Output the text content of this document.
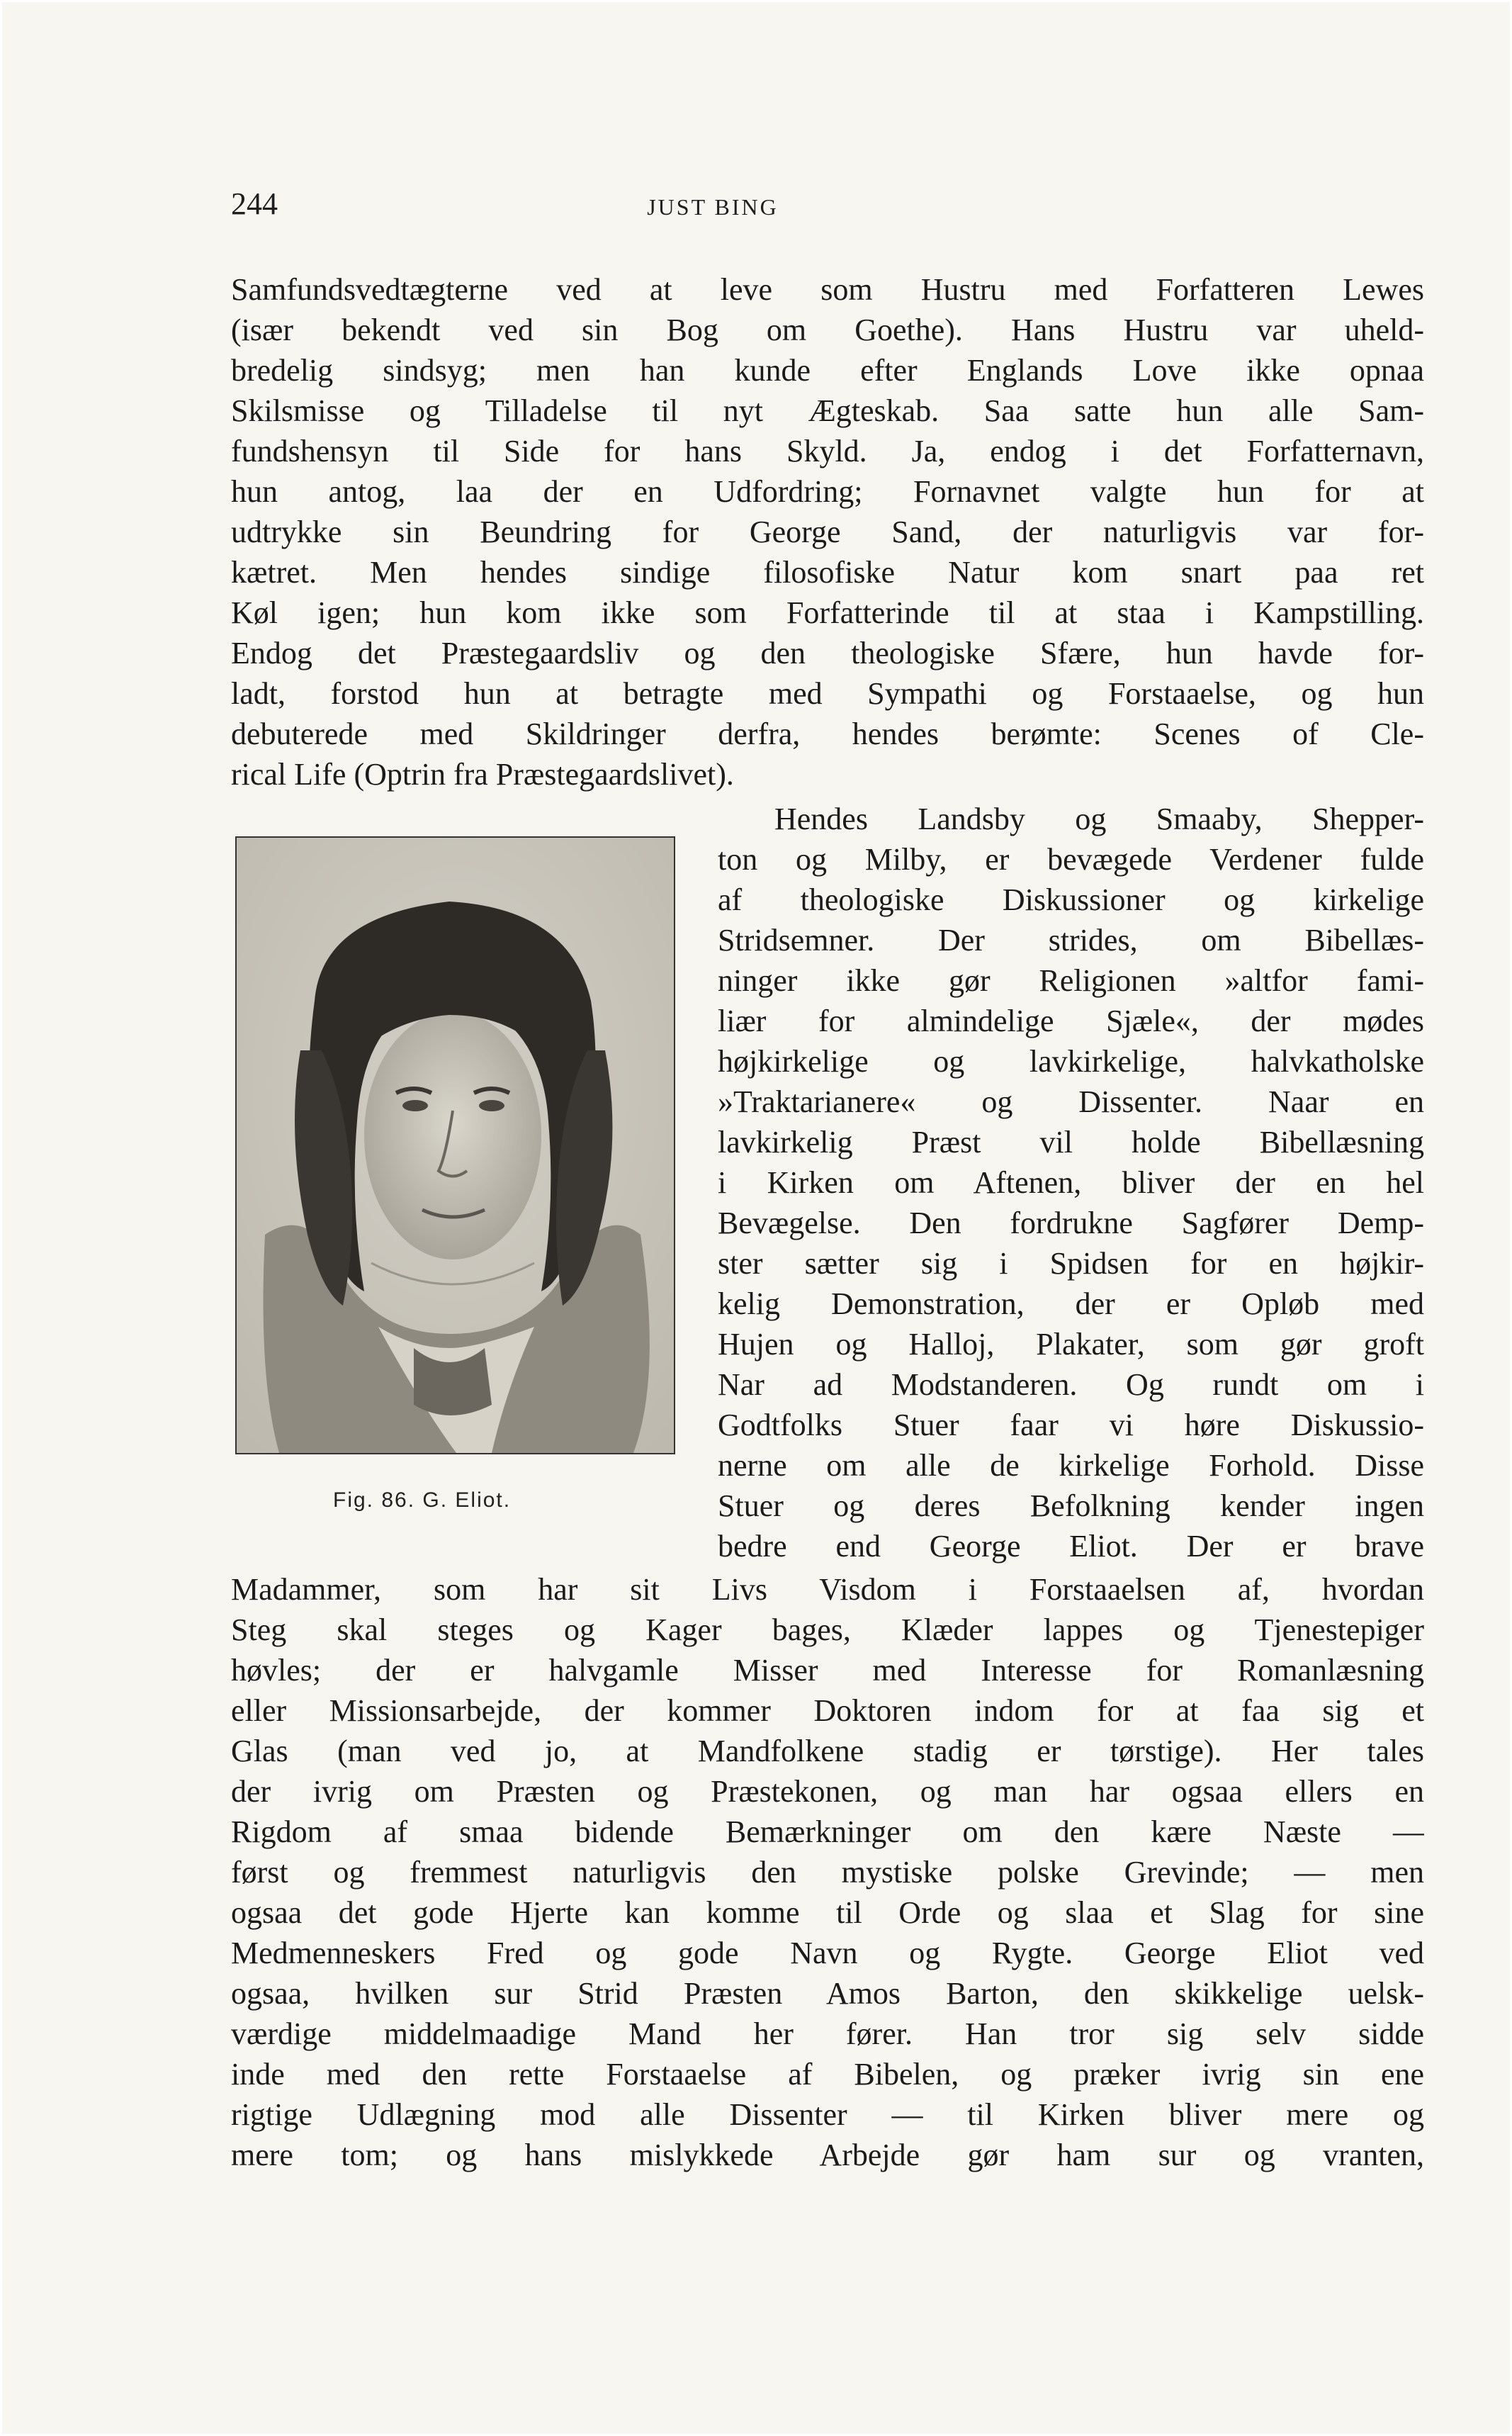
244	JUST BING
Samfundsvedtægterne ved at leve som Hustru med Forfatteren Lewes
(især bekendt ved sin Bog om Goethe). Hans Hustru var uheld-
bredelig sindsyg; men han kunde efter Englands Love ikke opnaa
Skilsmisse og Tilladelse til nyt Ægteskab. Saa satte hun alle Sam-
fundshensyn til Side for hans Skyld. Ja, endog i det Forfatternavn,
hun antog, laa der en Udfordring; Fornavnet valgte hun for at
udtrykke sin Beundring for George Sand, der naturligvis var for-
kætret. Men hendes sindige filosofiske Natur kom snart paa ret
Køl igen; hun kom ikke som Forfatterinde til at staa i Kampstilling.
Endog det Præstegaardsliv og den theologiske Sfære, hun havde for-
ladt, forstod hun at betragte med Sympathi og Forstaaelse, og hun
debuterede med Skildringer derfra, hendes berømte: Scenes of Cle-
rical Life (Optrin fra Præstegaardslivet).
Fig. 86. G. Eliot.
Hendes Landsby og Smaaby, Shepper-
ton og Milby, er bevægede Verdener fulde
af theologiske Diskussioner og kirkelige
Stridsemner. Der strides, om Bibellæs-
ninger ikke gør Religionen »altfor fami-
liær for almindelige Sjæle«, der mødes
højkirkelige og lavkirkelige, halvkatholske
»Traktarianere« og Dissenter. Naar en
lavkirkelig Præst vil holde Bibellæsning
i Kirken om Aftenen, bliver der en hel
Bevægelse. Den fordrukne Sagfører Demp-
ster sætter sig i Spidsen for en højkir-
kelig Demonstration, der er Opløb med
Hujen og Halloj, Plakater, som gør groft
Nar ad Modstanderen. Og rundt om i
Godtfolks Stuer faar vi høre Diskussio-
nerne om alle de kirkelige Forhold. Disse
Stuer og deres Befolkning kender ingen
bedre end George Eliot. Der er brave
Madammer, som har sit Livs Visdom i Forstaaelsen af, hvordan
Steg skal steges og Kager bages, Klæder lappes og Tjenestepiger
høvles; der er halvgamle Misser med Interesse for Romanlæsning
eller Missionsarbejde, der kommer Doktoren indom for at faa sig et
Glas (man ved jo, at Mandfolkene stadig er tørstige). Her tales
der ivrig om Præsten og Præstekonen, og man har ogsaa ellers en
Rigdom af smaa bidende Bemærkninger om den kære Næste —
først og fremmest naturligvis den mystiske polske Grevinde; — men
ogsaa det gode Hjerte kan komme til Orde og slaa et Slag for sine
Medmenneskers Fred og gode Navn og Rygte. George Eliot ved
ogsaa, hvilken sur Strid Præsten Amos Barton, den skikkelige uelsk-
værdige middelmaadige Mand her fører. Han tror sig selv sidde
inde med den rette Forstaaelse af Bibelen, og præker ivrig sin ene
rigtige Udlægning mod alle Dissenter — til Kirken bliver mere og
mere tom; og hans mislykkede Arbejde gør ham sur og vranten,
